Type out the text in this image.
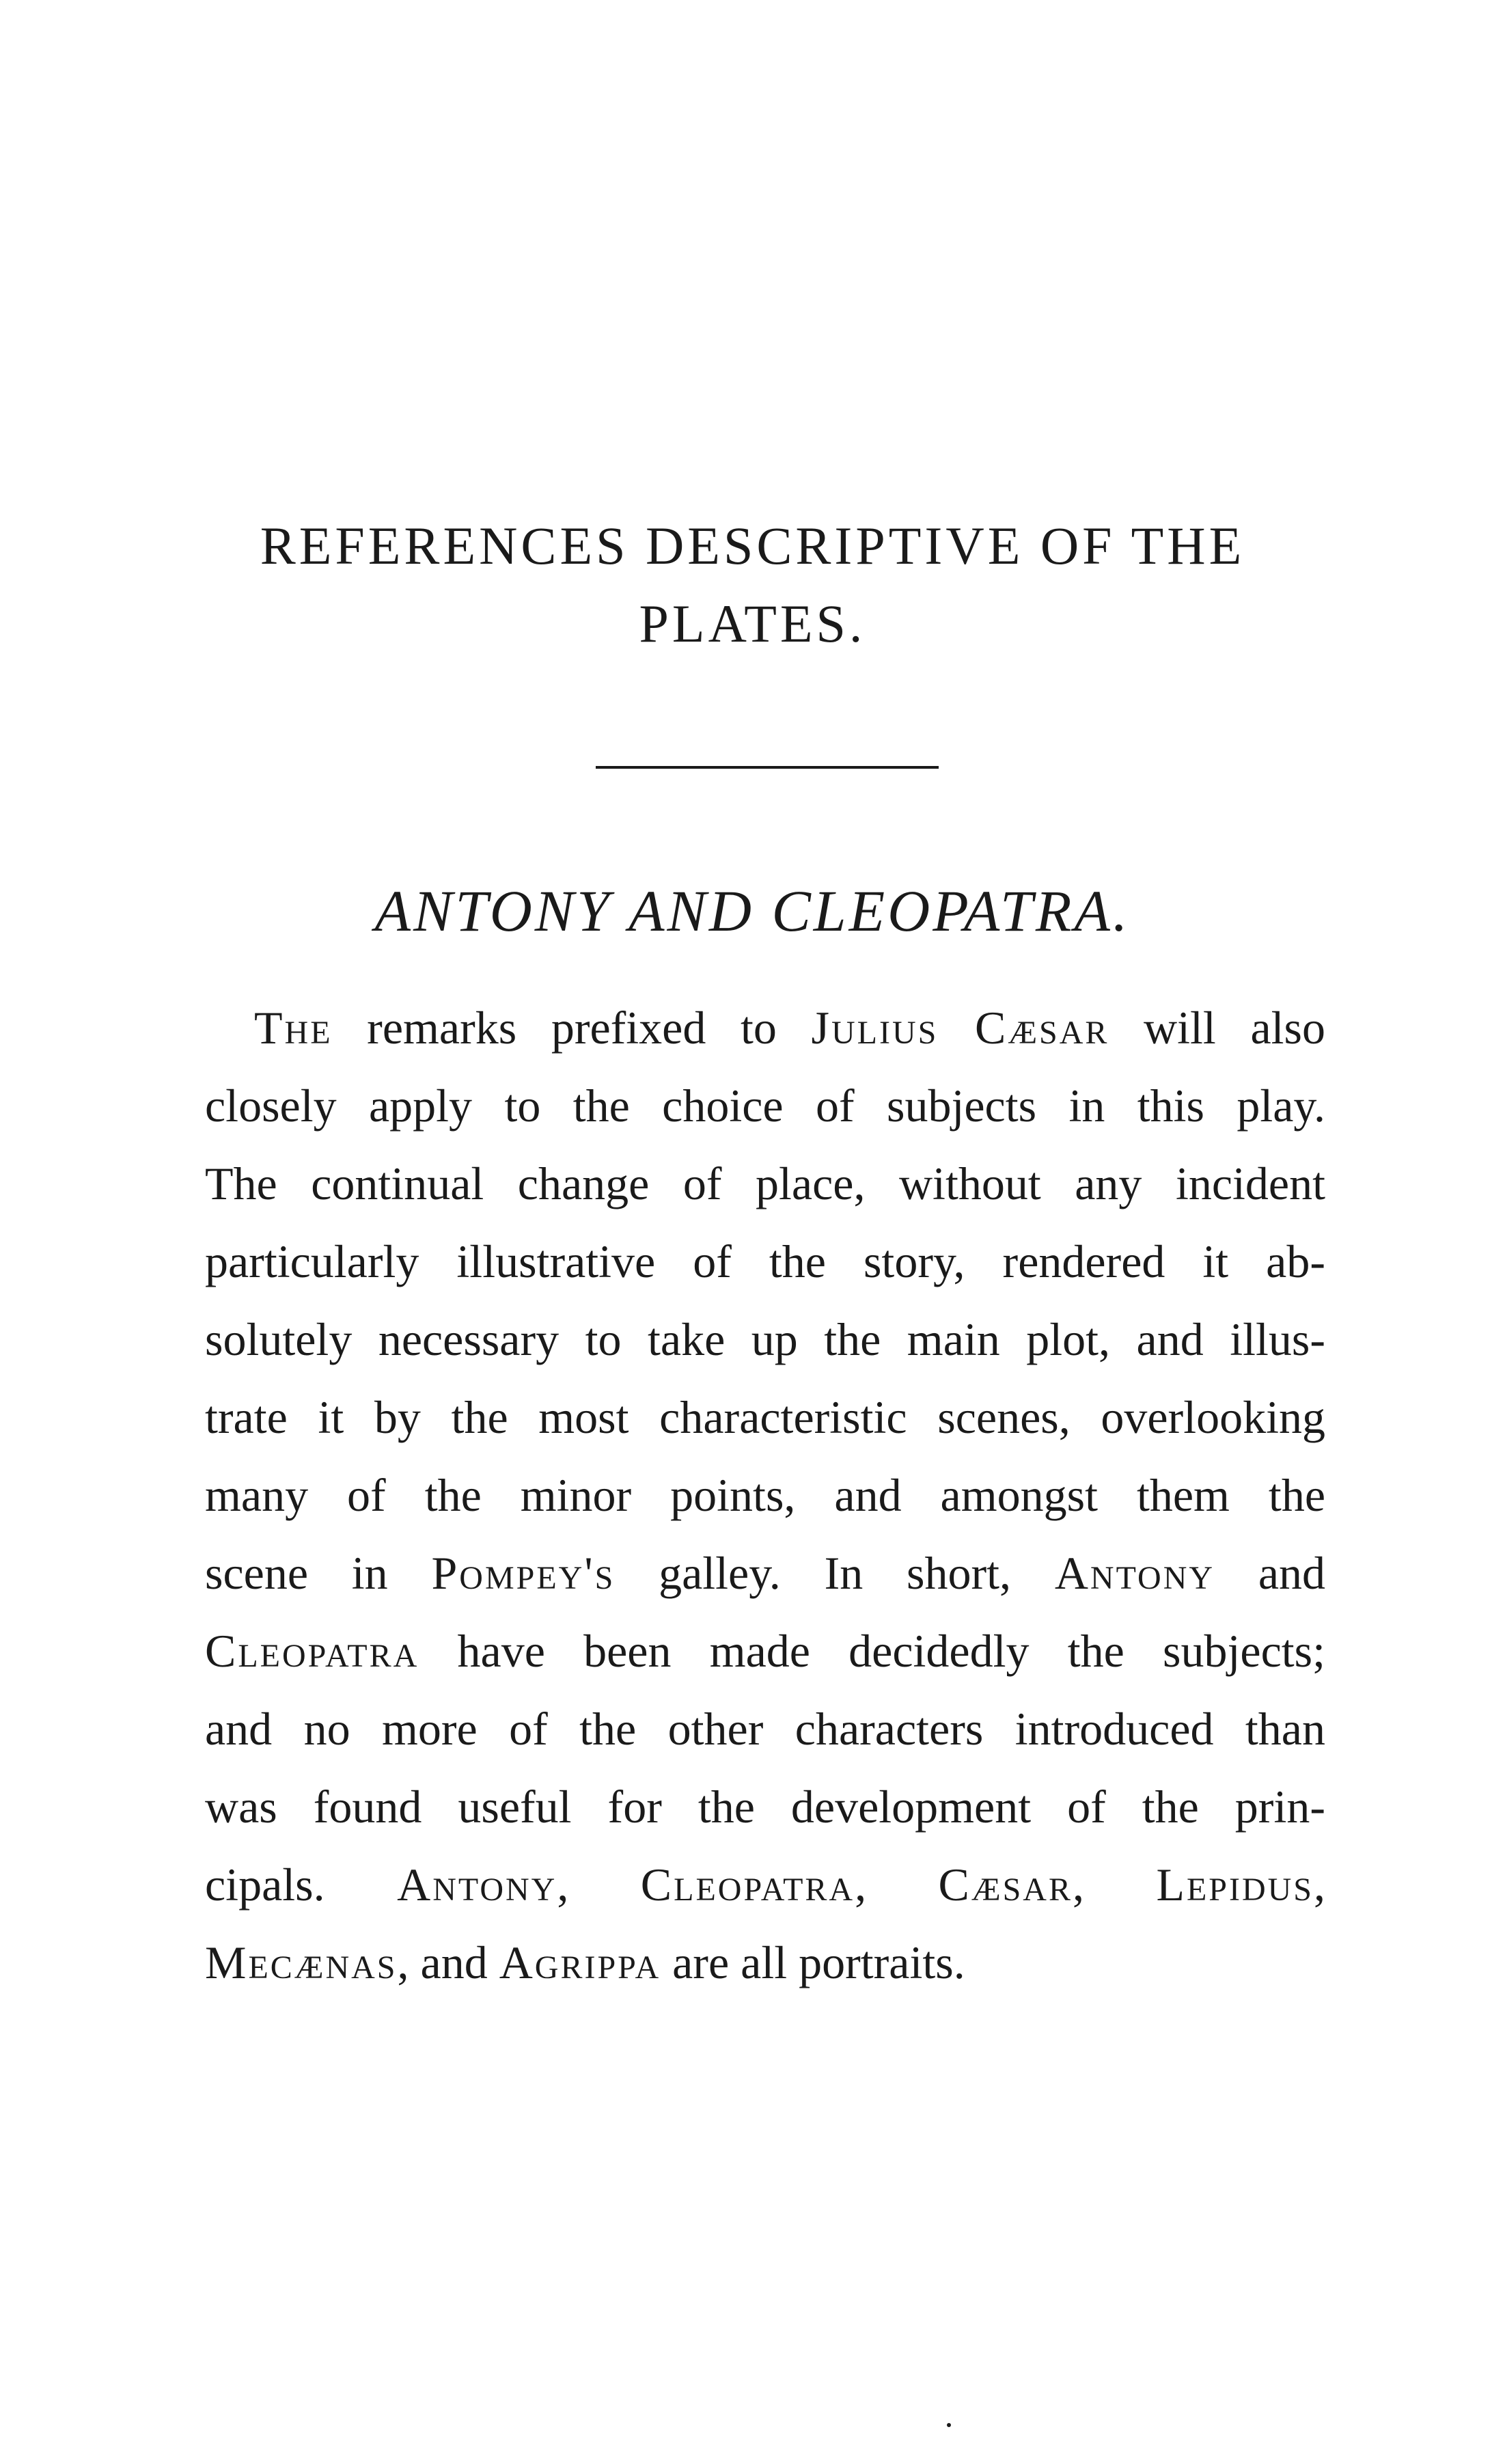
REFERENCES DESCRIPTIVE OF THE
PLATES.
ANTONY AND CLEOPATRA.
The remarks prefixed to Julius Cæsar will also
closely apply to the choice of subjects in this play.
The continual change of place, without any incident
particularly illustrative of the story, rendered it ab-
solutely necessary to take up the main plot, and illus-
trate it by the most characteristic scenes, overlooking
many of the minor points, and amongst them the
scene in Pompey's galley. In short, Antony and
Cleopatra have been made decidedly the subjects;
and no more of the other characters introduced than
was found useful for the development of the prin-
cipals. Antony, Cleopatra, Cæsar, Lepidus,
Mecænas, and Agrippa are all portraits.
